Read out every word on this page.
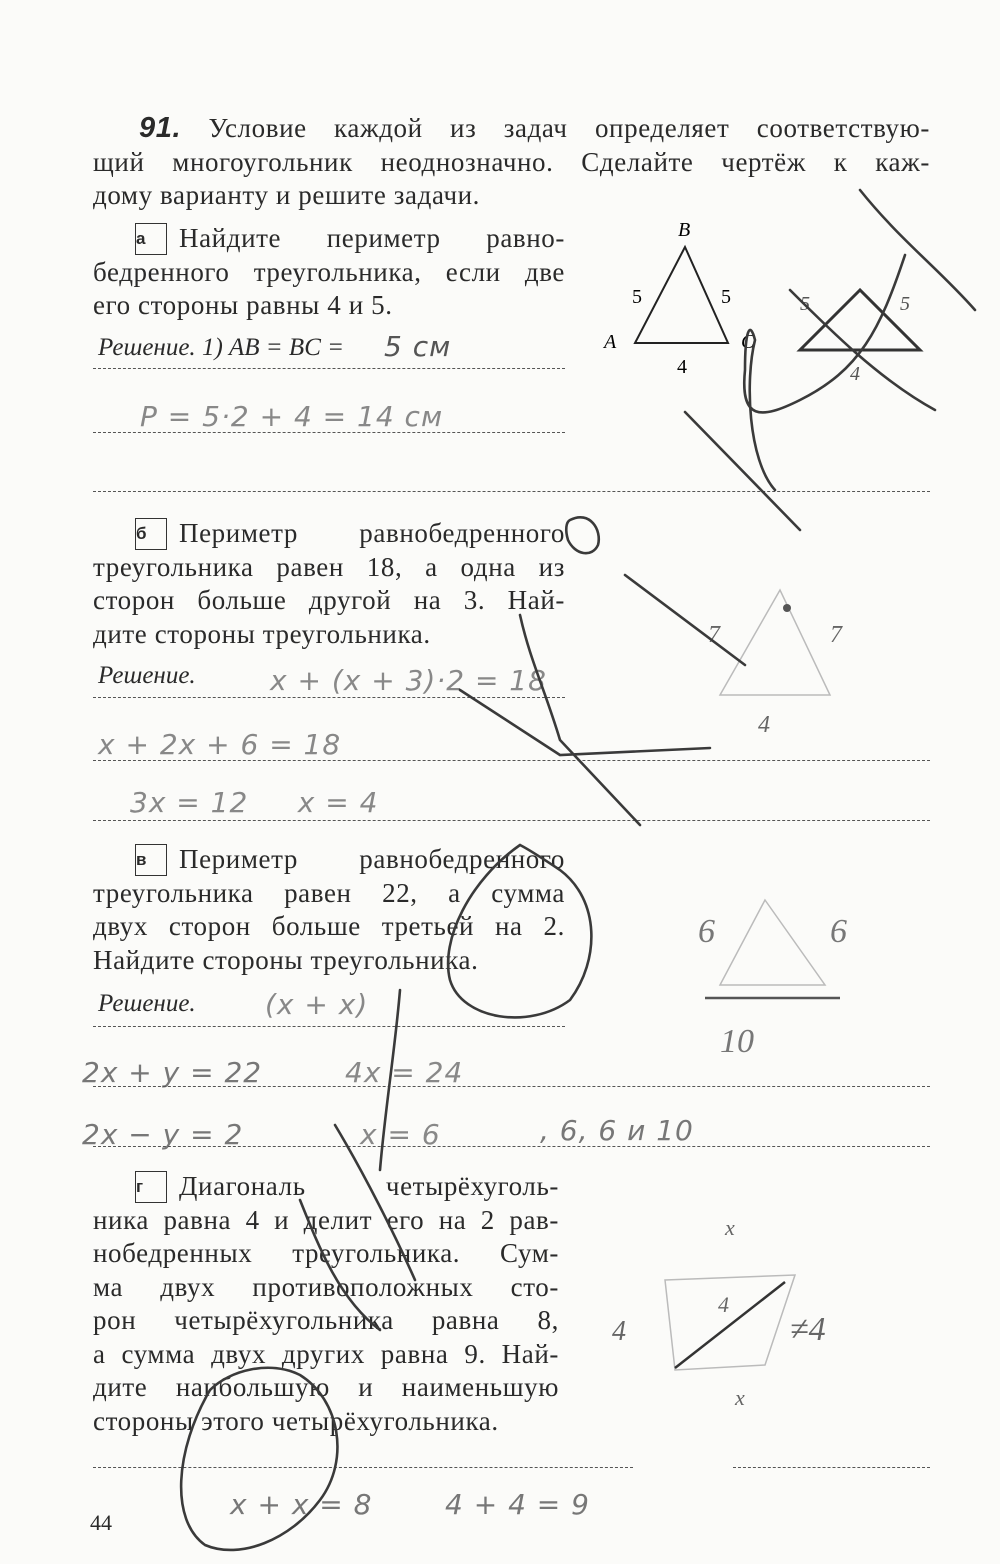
91. Условие каждой из задач определяет соответствую-
щий многоугольник неоднозначно. Сделайте чертёж к каж-
дому варианту и решите задачи.
а Найдите периметр равно-
бедренного треугольника, если две
его стороны равны 4 и 5.
Решение. 1) AB = BC = 5 см
P = 5·2 + 4 = 14 см
B
A	C
5	5
4
5	5
4
б Периметр равнобедренного
треугольника равен 18, а одна из
сторон больше другой на 3. Най-
дите стороны треугольника.
Решение.	x + (x + 3)·2 = 18
x + 2x + 6 = 18
3x = 12     x = 4
7	7
4
в Периметр равнобедренного
треугольника равен 22, а сумма
двух сторон больше третьей на 2.
Найдите стороны треугольника.
Решение. (x + x)
2x + y = 22	4x = 24
2x − y = 2	x = 6	, 6, 6 и 10
6	6
10
г Диагональ четырёхуголь-
ника равна 4 и делит его на 2 рав-
нобедренных треугольника. Сум-
ма двух противоположных сто-
рон четырёхугольника равна 8,
а сумма двух других равна 9. Най-
дите наибольшую и наименьшую
стороны этого четырёхугольника.
x + x = 8	4 + 4 = 9
x
4
4	≠4
x
44
